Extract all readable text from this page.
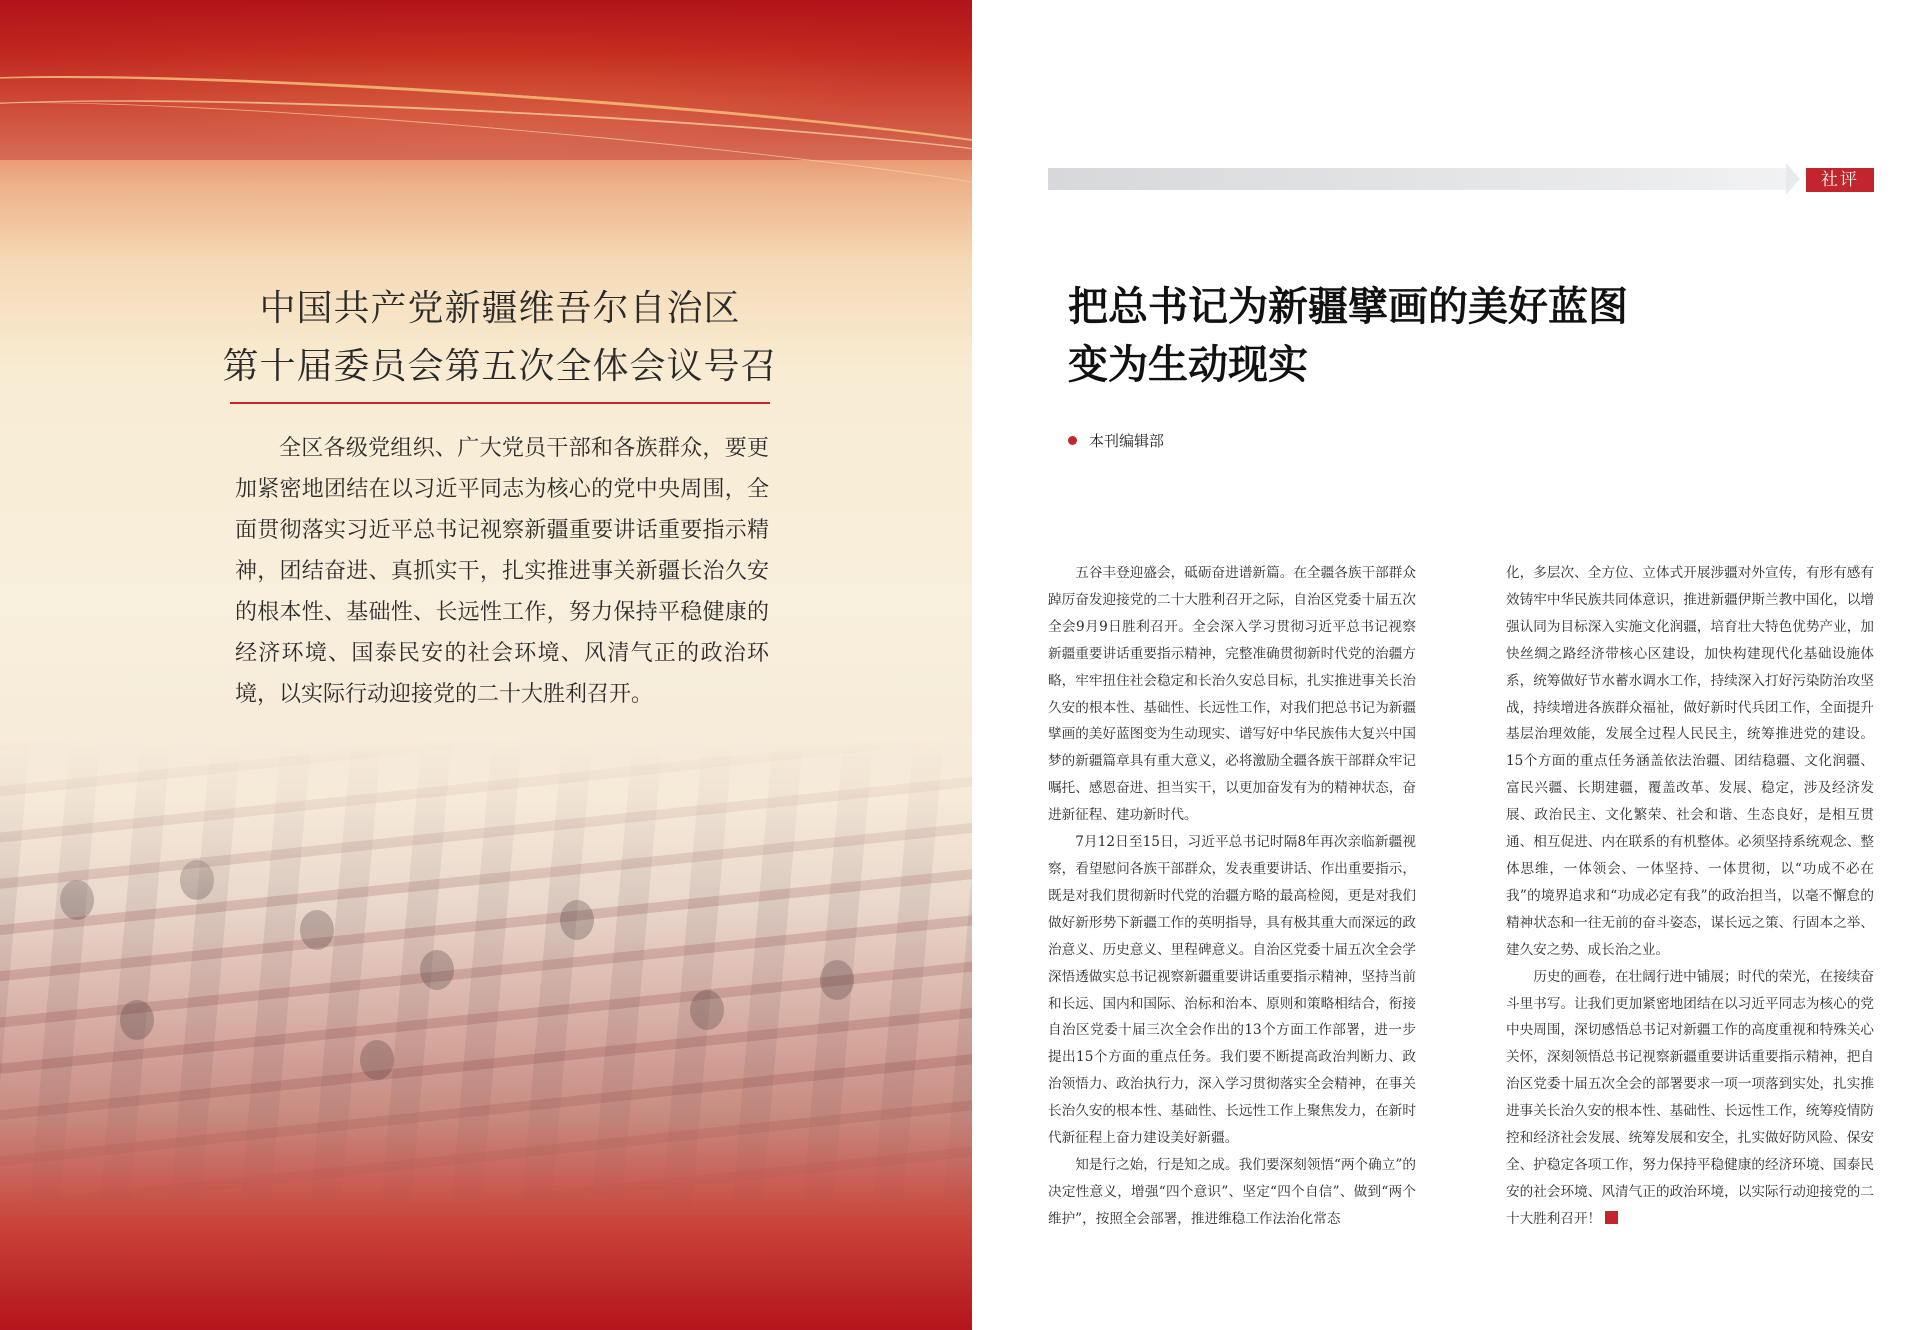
中国共产党新疆维吾尔自治区
第十届委员会第五次全体会议号召
全区各级党组织、广大党员干部和各族群众，要更加紧密地团结在以习近平同志为核心的党中央周围，全面贯彻落实习近平总书记视察新疆重要讲话重要指示精神，团结奋进、真抓实干，扎实推进事关新疆长治久安的根本性、基础性、长远性工作，努力保持平稳健康的经济环境、国泰民安的社会环境、风清气正的政治环境，以实际行动迎接党的二十大胜利召开。
社评
把总书记为新疆擘画的美好蓝图
变为生动现实
本刊编辑部

五谷丰登迎盛会，砥砺奋进谱新篇。在全疆各族干部群众踔厉奋发迎接党的二十大胜利召开之际，自治区党委十届五次全会9月9日胜利召开。全会深入学习贯彻习近平总书记视察新疆重要讲话重要指示精神，完整准确贯彻新时代党的治疆方略，牢牢扭住社会稳定和长治久安总目标，扎实推进事关长治久安的根本性、基础性、长远性工作，对我们把总书记为新疆擘画的美好蓝图变为生动现实、谱写好中华民族伟大复兴中国梦的新疆篇章具有重大意义，必将激励全疆各族干部群众牢记嘱托、感恩奋进、担当实干，以更加奋发有为的精神状态，奋进新征程、建功新时代。

7月12日至15日，习近平总书记时隔8年再次亲临新疆视察，看望慰问各族干部群众，发表重要讲话、作出重要指示，既是对我们贯彻新时代党的治疆方略的最高检阅，更是对我们做好新形势下新疆工作的英明指导，具有极其重大而深远的政治意义、历史意义、里程碑意义。自治区党委十届五次全会学深悟透做实总书记视察新疆重要讲话重要指示精神，坚持当前和长远、国内和国际、治标和治本、原则和策略相结合，衔接自治区党委十届三次全会作出的13个方面工作部署，进一步提出15个方面的重点任务。我们要不断提高政治判断力、政治领悟力、政治执行力，深入学习贯彻落实全会精神，在事关长治久安的根本性、基础性、长远性工作上聚焦发力，在新时代新征程上奋力建设美好新疆。

知是行之始，行是知之成。我们要深刻领悟“两个确立”的决定性意义，增强“四个意识”、坚定“四个自信”、做到“两个维护”，按照全会部署，推进维稳工作法治化常态

化，多层次、全方位、立体式开展涉疆对外宣传，有形有感有效铸牢中华民族共同体意识，推进新疆伊斯兰教中国化，以增强认同为目标深入实施文化润疆，培育壮大特色优势产业，加快丝绸之路经济带核心区建设，加快构建现代化基础设施体系，统筹做好节水蓄水调水工作，持续深入打好污染防治攻坚战，持续增进各族群众福祉，做好新时代兵团工作，全面提升基层治理效能，发展全过程人民民主，统筹推进党的建设。15个方面的重点任务涵盖依法治疆、团结稳疆、文化润疆、富民兴疆、长期建疆，覆盖改革、发展、稳定，涉及经济发展、政治民主、文化繁荣、社会和谐、生态良好，是相互贯通、相互促进、内在联系的有机整体。必须坚持系统观念、整体思维，一体领会、一体坚持、一体贯彻，以“功成不必在我”的境界追求和“功成必定有我”的政治担当，以毫不懈怠的精神状态和一往无前的奋斗姿态，谋长远之策、行固本之举、建久安之势、成长治之业。

历史的画卷，在壮阔行进中铺展；时代的荣光，在接续奋斗里书写。让我们更加紧密地团结在以习近平同志为核心的党中央周围，深切感悟总书记对新疆工作的高度重视和特殊关心关怀，深刻领悟总书记视察新疆重要讲话重要指示精神，把自治区党委十届五次全会的部署要求一项一项落到实处，扎实推进事关长治久安的根本性、基础性、长远性工作，统筹疫情防控和经济社会发展、统筹发展和安全，扎实做好防风险、保安全、护稳定各项工作，努力保持平稳健康的经济环境、国泰民安的社会环境、风清气正的政治环境，以实际行动迎接党的二十大胜利召开！
